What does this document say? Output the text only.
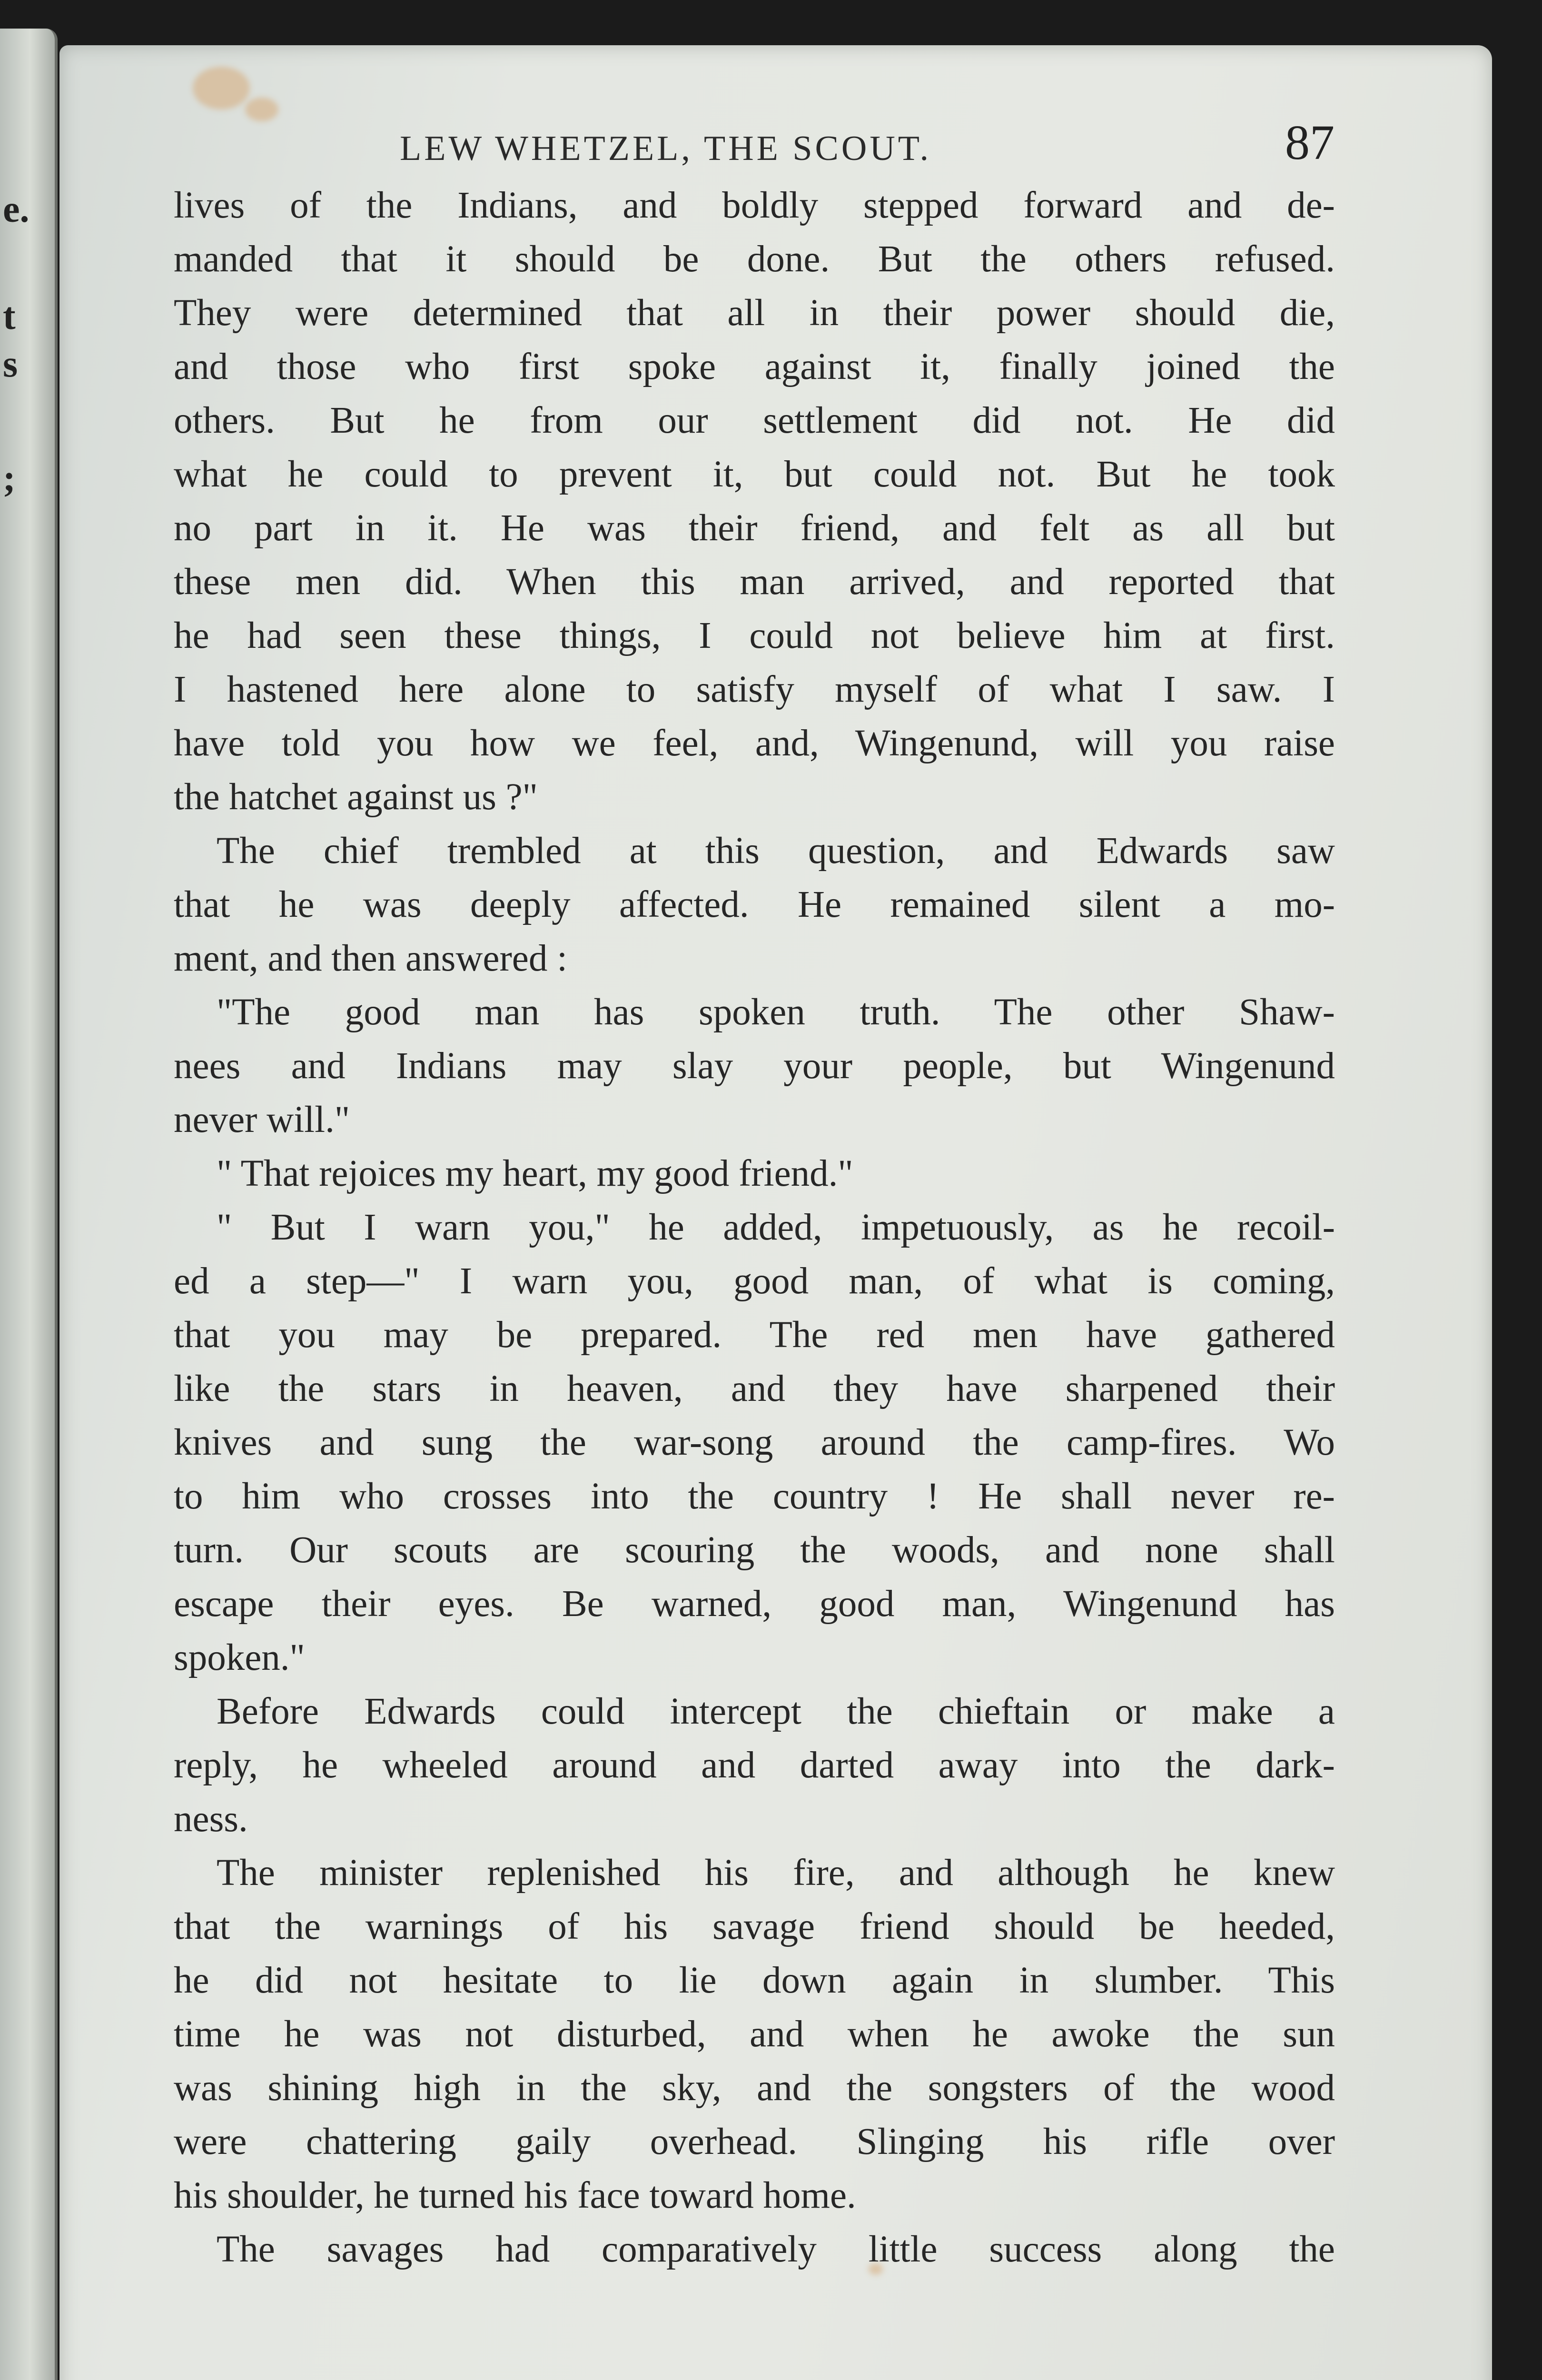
e.
t
s
;
LEW WHETZEL, THE SCOUT.	87
lives of the Indians, and boldly stepped forward and de-
manded that it should be done. But the others refused.
They were determined that all in their power should die,
and those who first spoke against it, finally joined the
others. But he from our settlement did not. He did
what he could to prevent it, but could not. But he took
no part in it. He was their friend, and felt as all but
these men did. When this man arrived, and reported that
he had seen these things, I could not believe him at first.
I hastened here alone to satisfy myself of what I saw. I
have told you how we feel, and, Wingenund, will you raise
the hatchet against us ?"
The chief trembled at this question, and Edwards saw
that he was deeply affected. He remained silent a mo-
ment, and then answered :
"The good man has spoken truth. The other Shaw-
nees and Indians may slay your people, but Wingenund
never will."
" That rejoices my heart, my good friend."
" But I warn you," he added, impetuously, as he recoil-
ed a step—" I warn you, good man, of what is coming,
that you may be prepared. The red men have gathered
like the stars in heaven, and they have sharpened their
knives and sung the war-song around the camp-fires. Wo
to him who crosses into the country ! He shall never re-
turn. Our scouts are scouring the woods, and none shall
escape their eyes. Be warned, good man, Wingenund has
spoken."
Before Edwards could intercept the chieftain or make a
reply, he wheeled around and darted away into the dark-
ness.
The minister replenished his fire, and although he knew
that the warnings of his savage friend should be heeded,
he did not hesitate to lie down again in slumber. This
time he was not disturbed, and when he awoke the sun
was shining high in the sky, and the songsters of the wood
were chattering gaily overhead. Slinging his rifle over
his shoulder, he turned his face toward home.
The savages had comparatively little success along the
